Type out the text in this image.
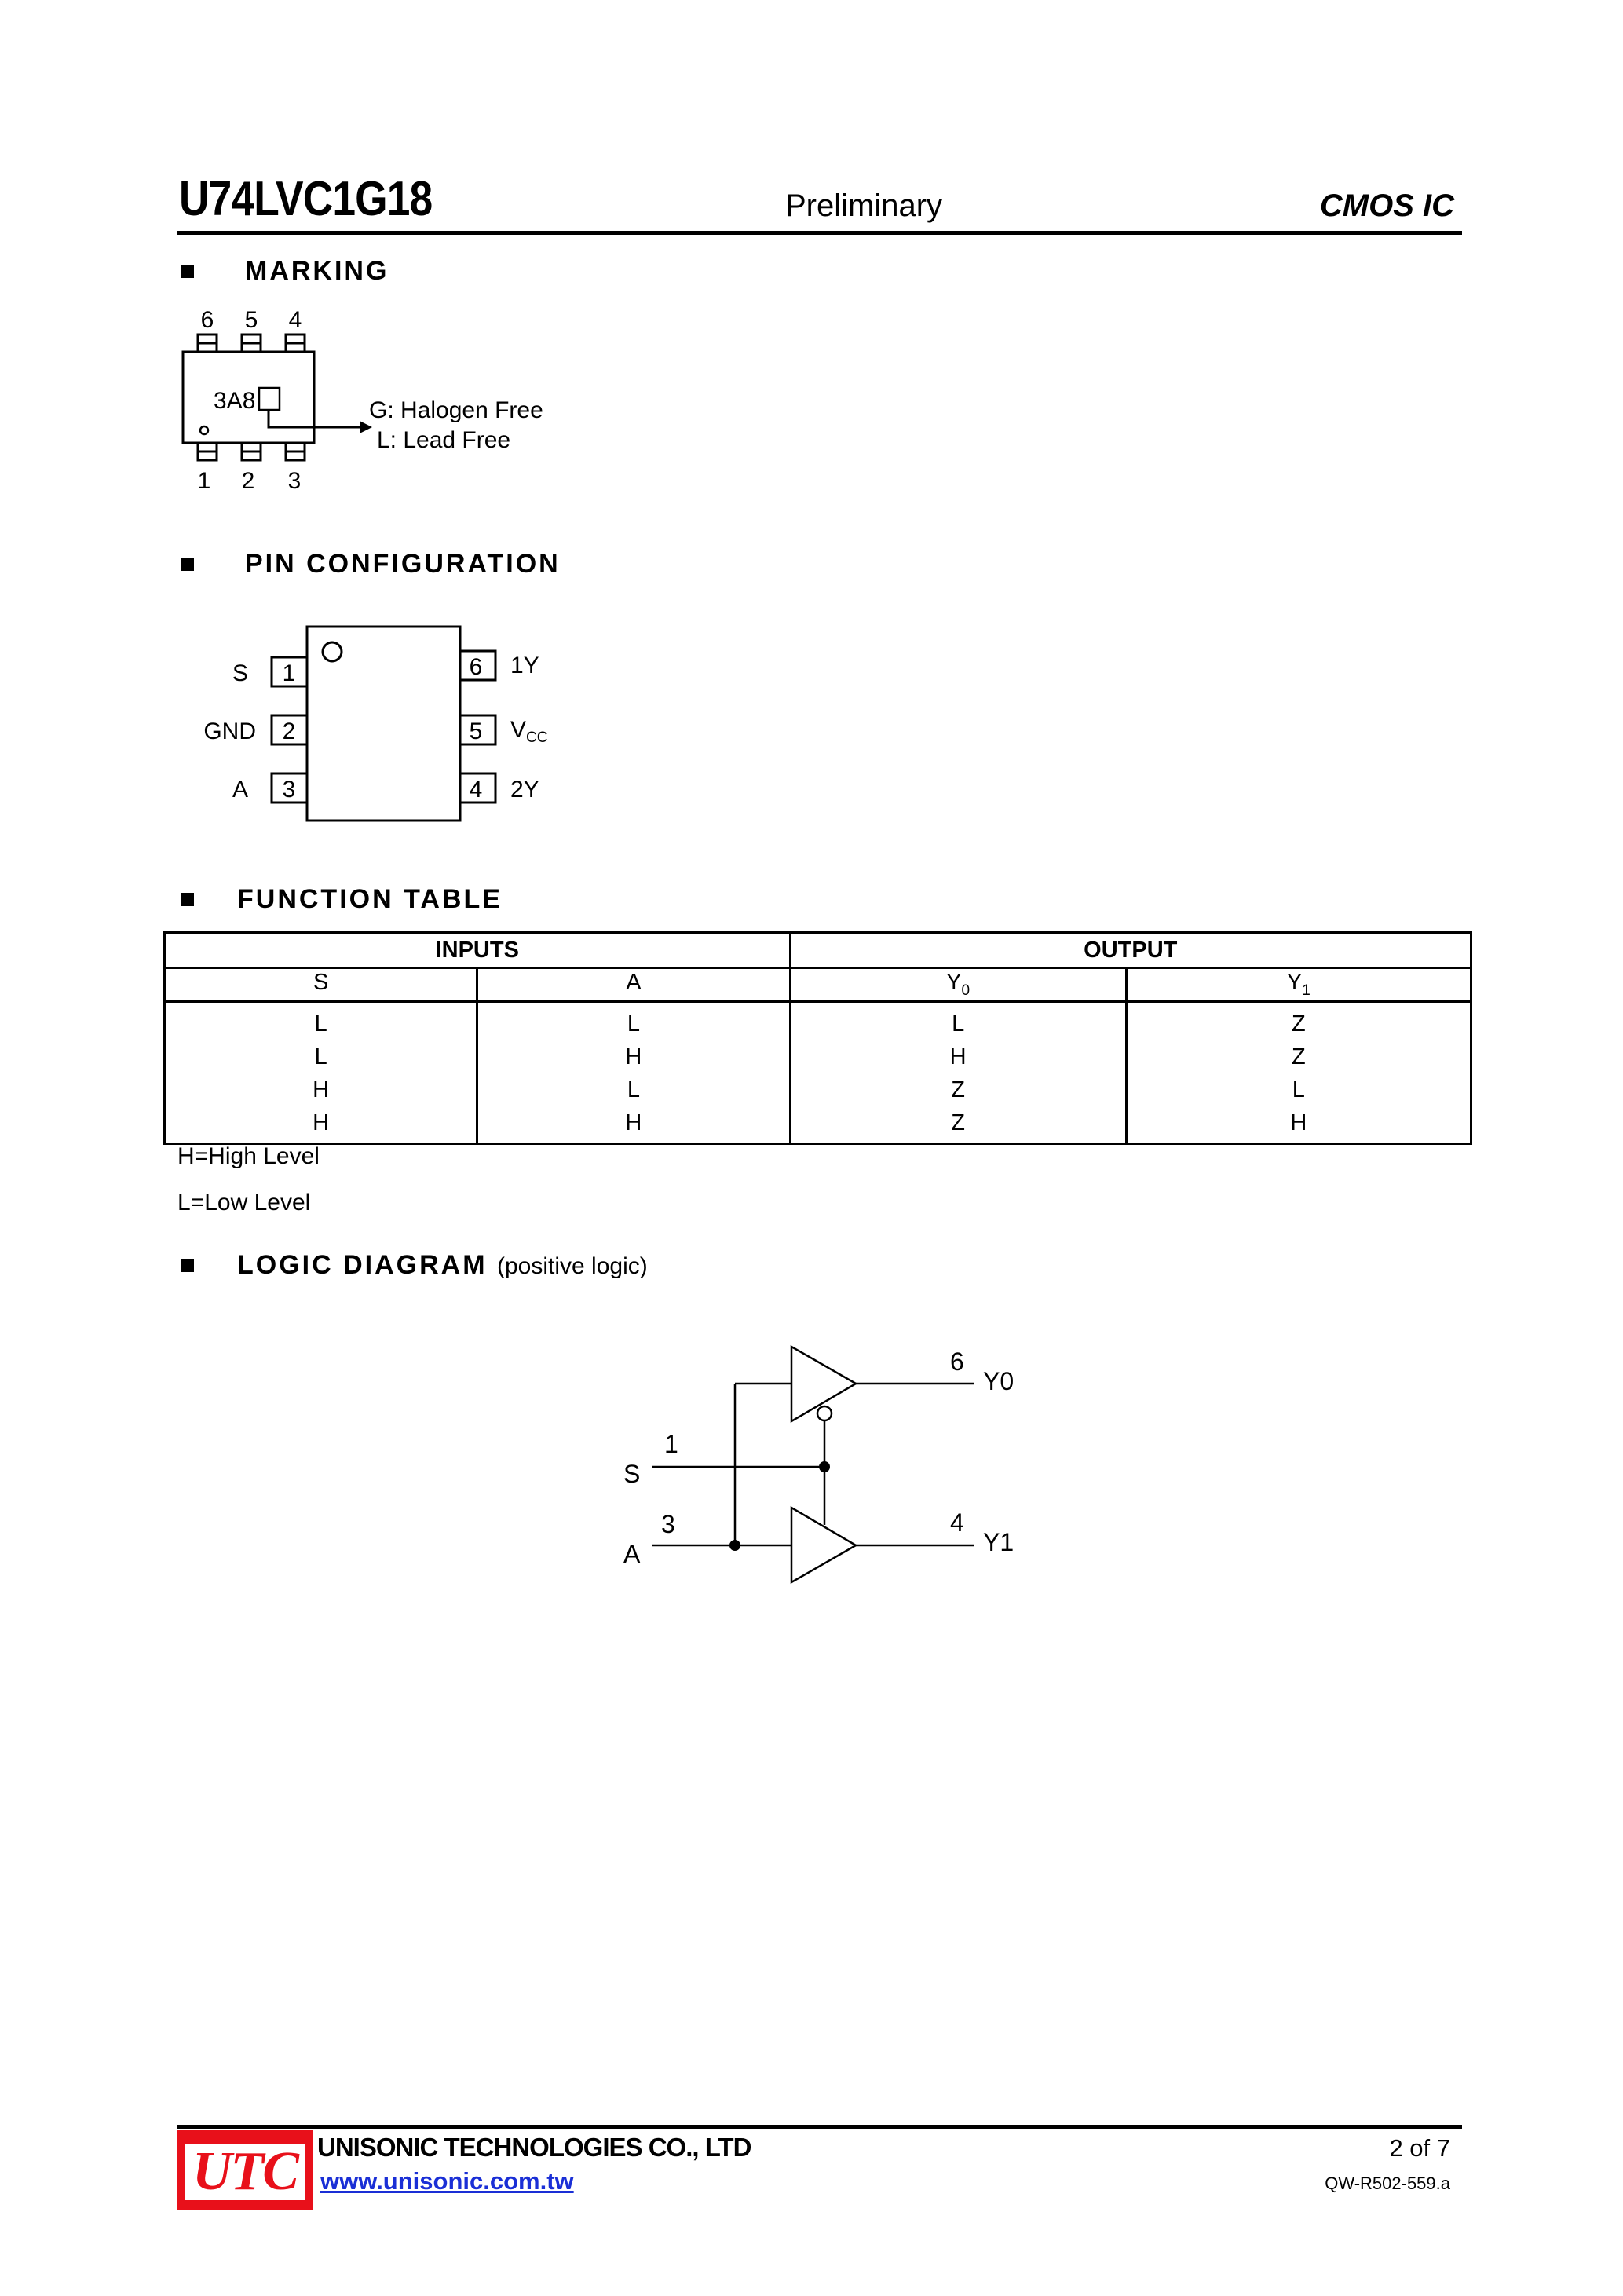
U74LVC1G18	Preliminary	CMOS IC
MARKING
6 5 4
3A8	G: Halogen Free
L: Lead Free
1 2 3
PIN CONFIGURATION
1
2
3
6
5
4
S
GND
A
1Y
$V_{CC}$
2Y
FUNCTION TABLE
INPUTS		OUTPUT	
S	A	$Y_0$	$Y_1$
L	L	L	Z
L	H	H	Z
H	L	Z	L
H	H	Z	H
H=High Level
L=Low Level
LOGIC DIAGRAM (positive logic)
1
S
3
A
6
Y0
4
Y1
UTC UNISONIC TECHNOLOGIES CO., LTD
www.unisonic.com.tw
2 of 7
QW-R502-559.a
